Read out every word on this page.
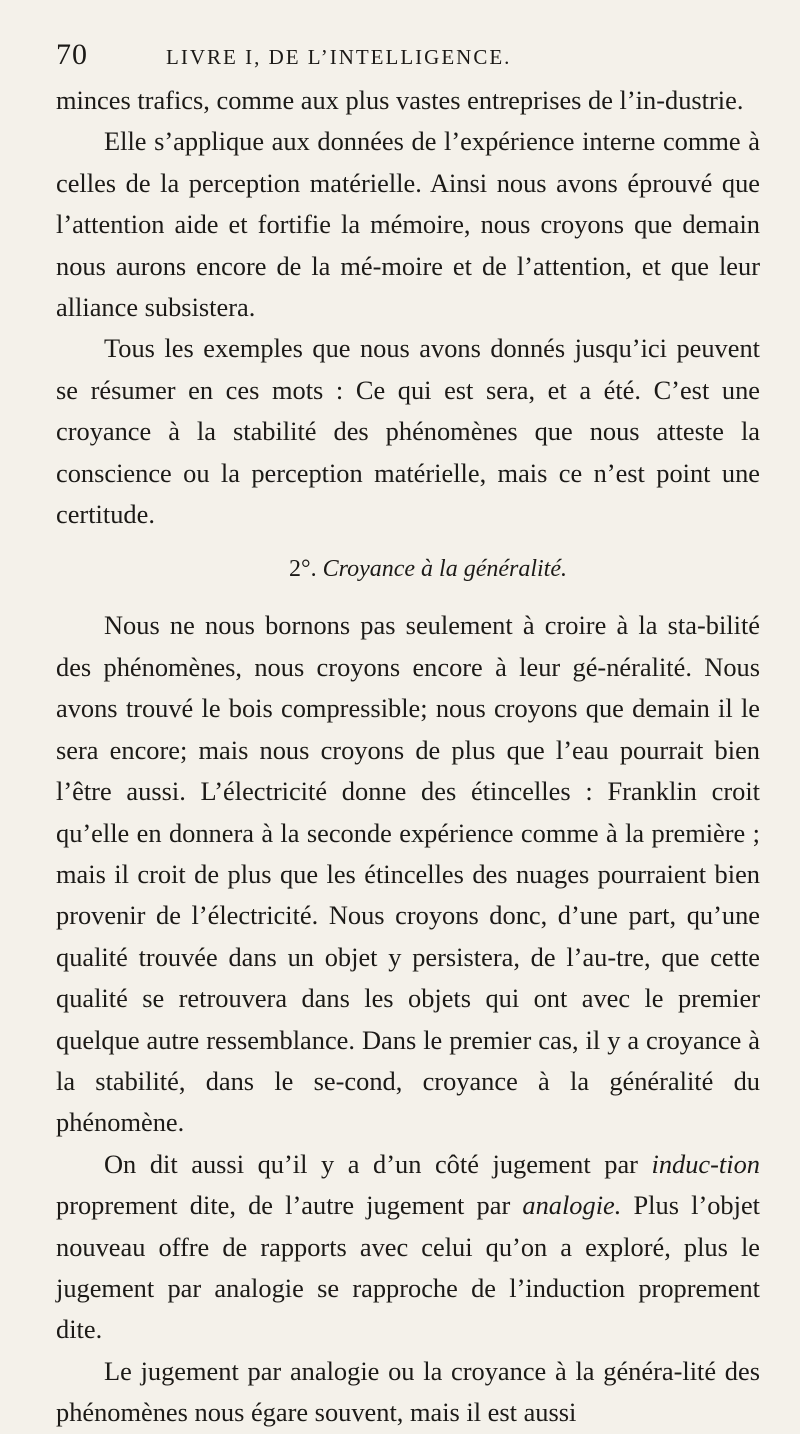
70	LIVRE I, DE L’INTELLIGENCE.

minces trafics, comme aux plus vastes entreprises de l’in-dustrie.

Elle s’applique aux données de l’expérience interne comme à celles de la perception matérielle. Ainsi nous avons éprouvé que l’attention aide et fortifie la mémoire, nous croyons que demain nous aurons encore de la mé-moire et de l’attention, et que leur alliance subsistera.

Tous les exemples que nous avons donnés jusqu’ici peuvent se résumer en ces mots : Ce qui est sera, et a été. C’est une croyance à la stabilité des phénomènes que nous atteste la conscience ou la perception matérielle, mais ce n’est point une certitude.

2°. Croyance à la généralité.

Nous ne nous bornons pas seulement à croire à la sta-bilité des phénomènes, nous croyons encore à leur gé-néralité. Nous avons trouvé le bois compressible; nous croyons que demain il le sera encore; mais nous croyons de plus que l’eau pourrait bien l’être aussi. L’électricité donne des étincelles : Franklin croit qu’elle en donnera à la seconde expérience comme à la première ; mais il croit de plus que les étincelles des nuages pourraient bien provenir de l’électricité. Nous croyons donc, d’une part, qu’une qualité trouvée dans un objet y persistera, de l’au-tre, que cette qualité se retrouvera dans les objets qui ont avec le premier quelque autre ressemblance. Dans le premier cas, il y a croyance à la stabilité, dans le se-cond, croyance à la généralité du phénomène.

On dit aussi qu’il y a d’un côté jugement par induc-tion proprement dite, de l’autre jugement par analogie. Plus l’objet nouveau offre de rapports avec celui qu’on a exploré, plus le jugement par analogie se rapproche de l’induction proprement dite.

Le jugement par analogie ou la croyance à la généra-lité des phénomènes nous égare souvent, mais il est aussi
